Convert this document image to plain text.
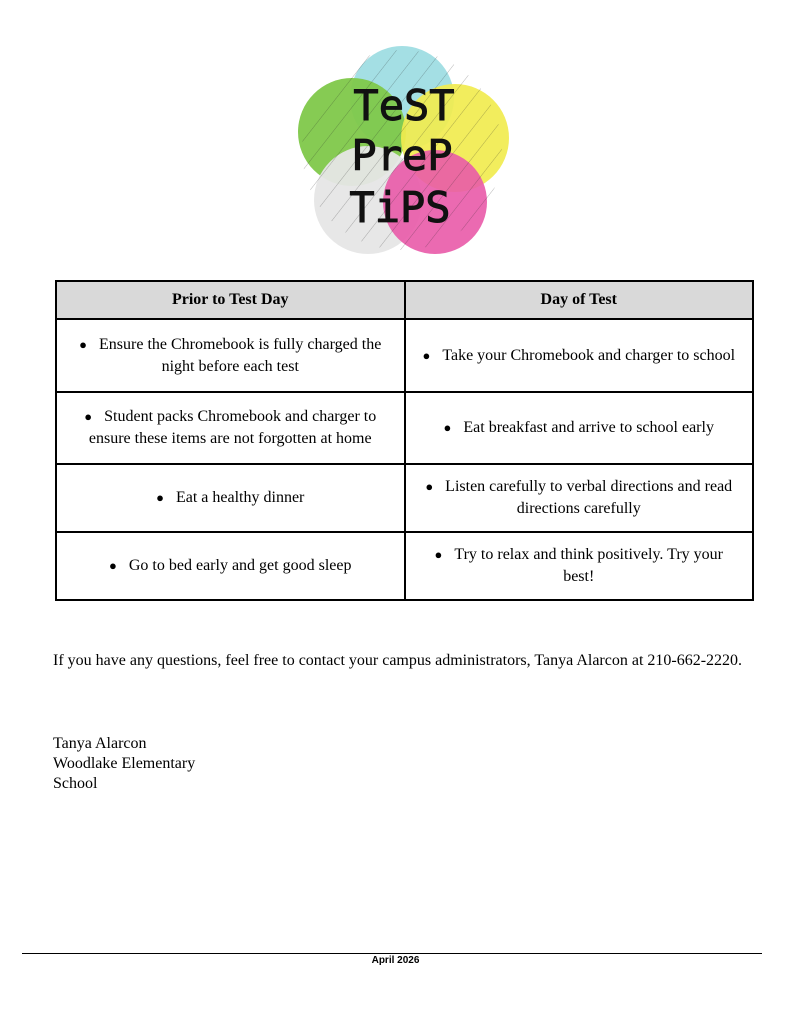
TeST
PreP
TiPS
Prior to Test Day	Day of Test
● Ensure the Chromebook is fully charged the night before each test	● Take your Chromebook and charger to school
● Student packs Chromebook and charger to ensure these items are not forgotten at home	● Eat breakfast and arrive to school early
● Eat a healthy dinner	● Listen carefully to verbal directions and read directions carefully
● Go to bed early and get good sleep	● Try to relax and think positively. Try your best!
If you have any questions, feel free to contact your campus administrators, Tanya Alarcon at 210-662-2220.
Tanya Alarcon
Woodlake Elementary
School
April 2026
